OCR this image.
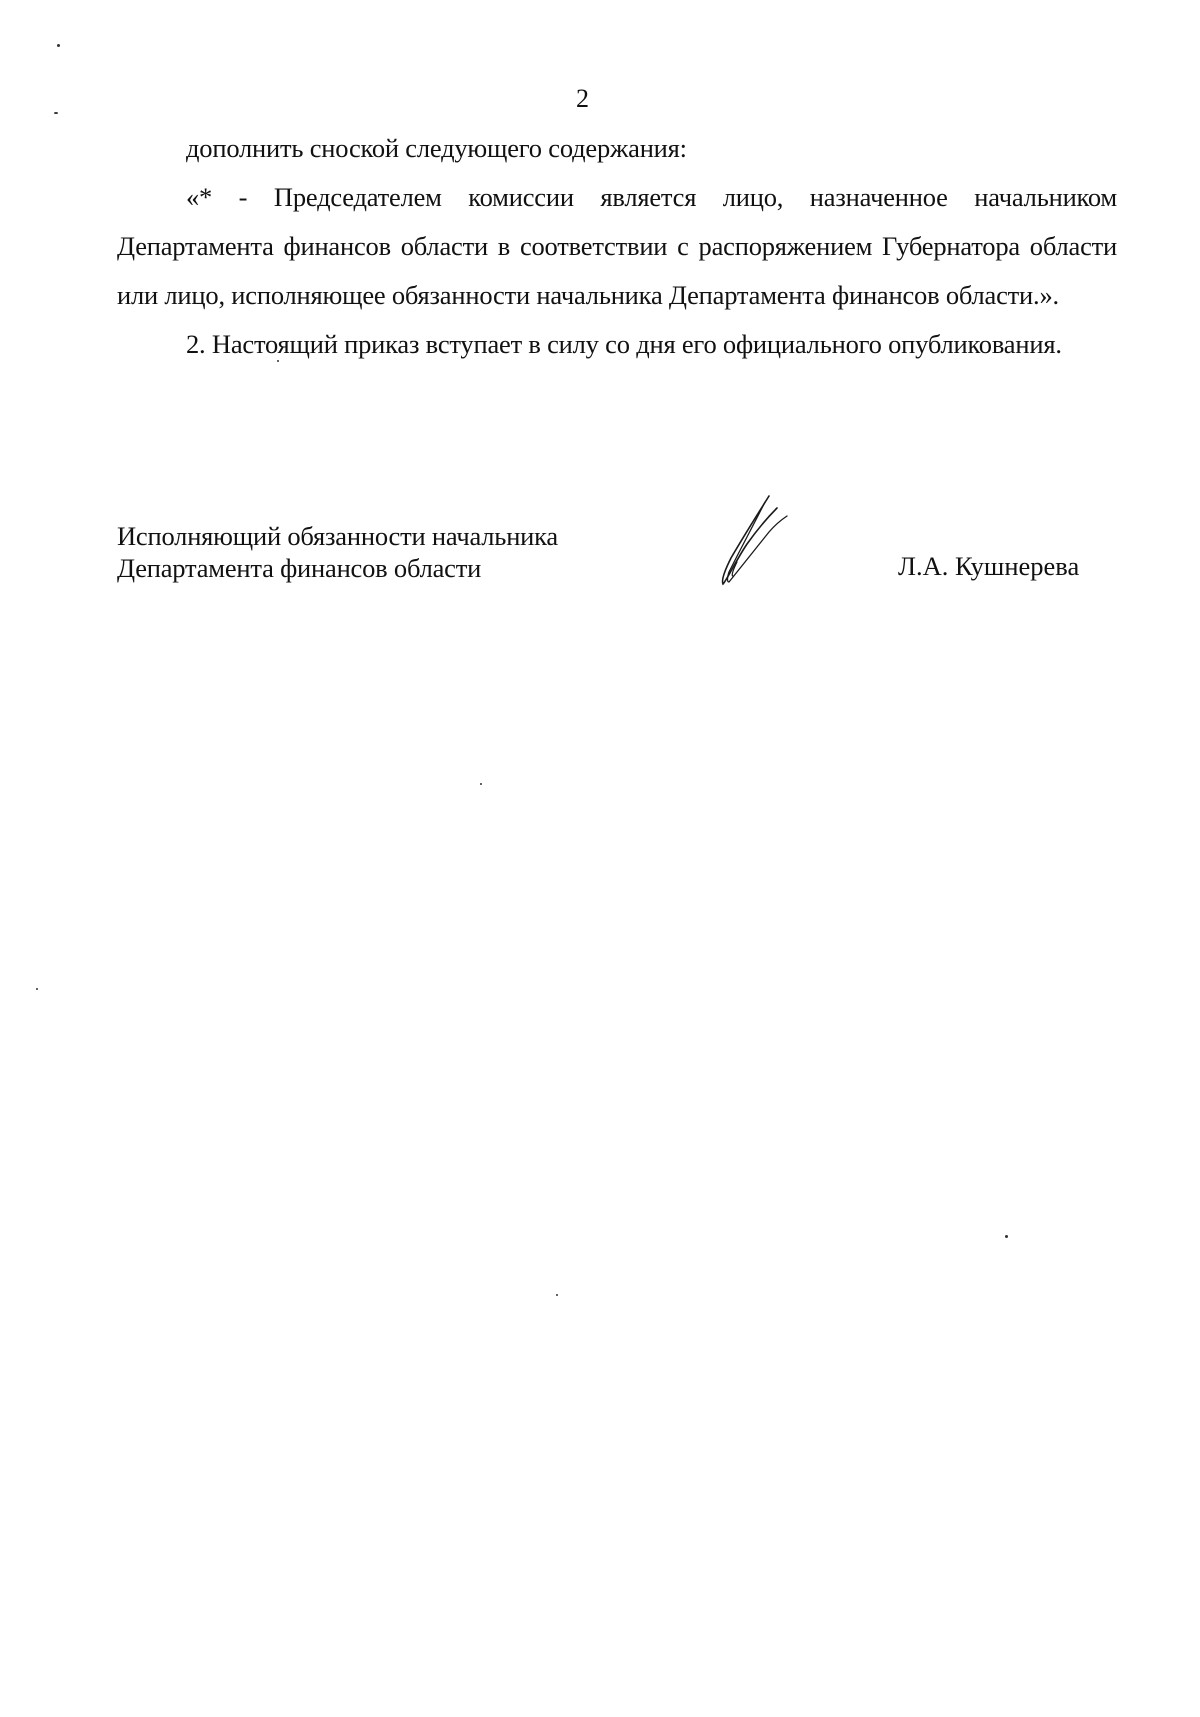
2

дополнить сноской следующего содержания:

«* - Председателем комиссии является лицо, назначенное начальником Департамента финансов области в соответствии с распоряжением Губернатора области или лицо, исполняющее обязанности начальника Департамента финансов области.».

2. Настоящий приказ вступает в силу со дня его официального опубликования.

Исполняющий обязанности начальника
Департамента финансов области	Л.А. Кушнерева
